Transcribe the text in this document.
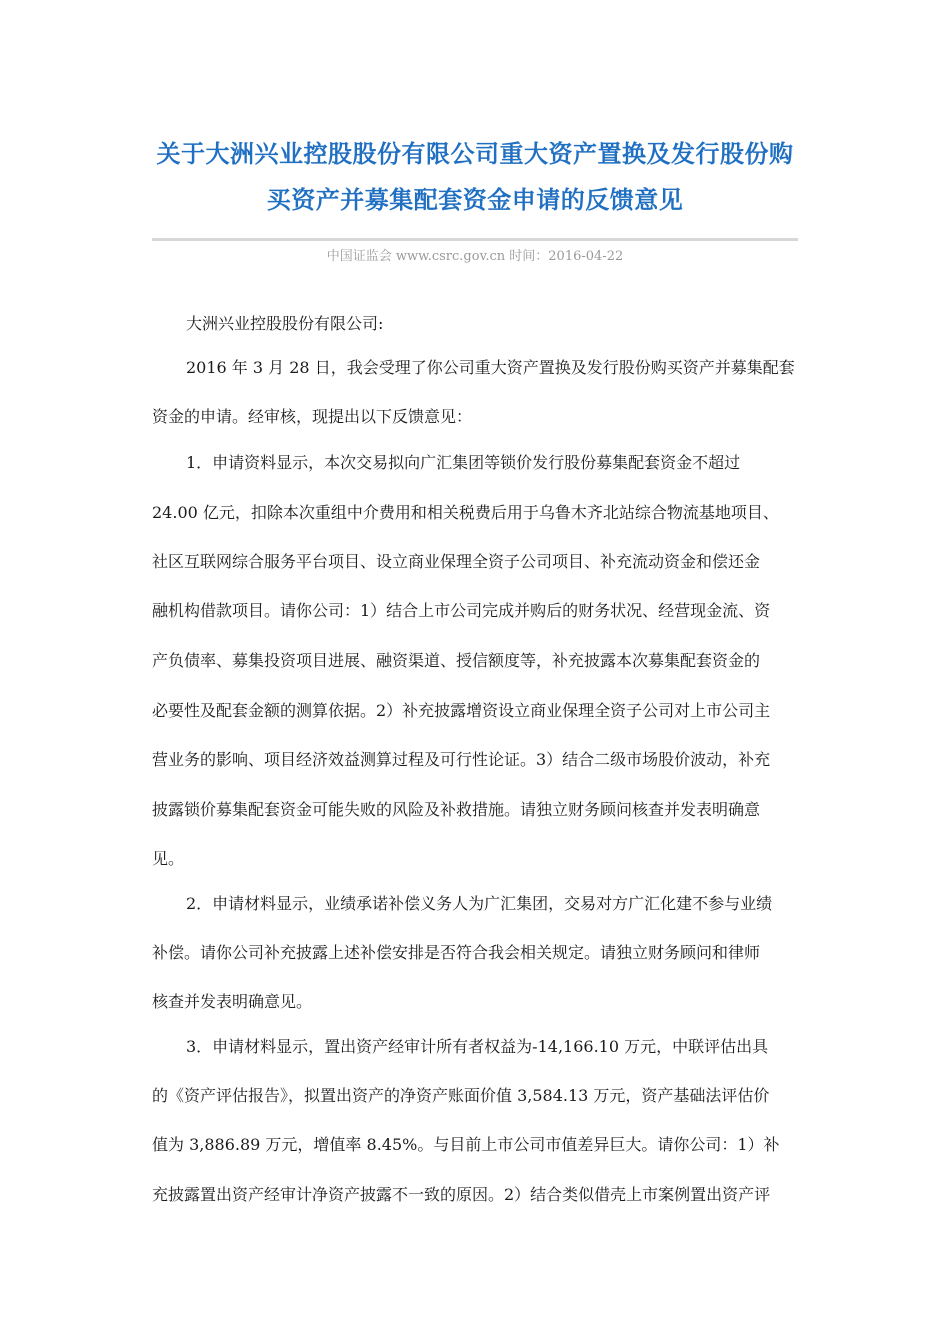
关于大洲兴业控股股份有限公司重大资产置换及发行股份购
买资产并募集配套资金申请的反馈意见
中国证监会 www.csrc.gov.cn 时间：2016-04-22
大洲兴业控股股份有限公司:
2016 年 3 月 28 日，我会受理了你公司重大资产置换及发行股份购买资产并募集配套
资金的申请。经审核，现提出以下反馈意见：
1．申请资料显示，本次交易拟向广汇集团等锁价发行股份募集配套资金不超过
24.00 亿元，扣除本次重组中介费用和相关税费后用于乌鲁木齐北站综合物流基地项目、
社区互联网综合服务平台项目、设立商业保理全资子公司项目、补充流动资金和偿还金
融机构借款项目。请你公司：1）结合上市公司完成并购后的财务状况、经营现金流、资
产负债率、募集投资项目进展、融资渠道、授信额度等，补充披露本次募集配套资金的
必要性及配套金额的测算依据。2）补充披露增资设立商业保理全资子公司对上市公司主
营业务的影响、项目经济效益测算过程及可行性论证。3）结合二级市场股价波动，补充
披露锁价募集配套资金可能失败的风险及补救措施。请独立财务顾问核查并发表明确意
见。
2．申请材料显示，业绩承诺补偿义务人为广汇集团，交易对方广汇化建不参与业绩
补偿。请你公司补充披露上述补偿安排是否符合我会相关规定。请独立财务顾问和律师
核查并发表明确意见。
3．申请材料显示，置出资产经审计所有者权益为-14,166.10 万元，中联评估出具
的《资产评估报告》，拟置出资产的净资产账面价值 3,584.13 万元，资产基础法评估价
值为 3,886.89 万元，增值率 8.45%。与目前上市公司市值差异巨大。请你公司：1）补
充披露置出资产经审计净资产披露不一致的原因。2）结合类似借壳上市案例置出资产评
